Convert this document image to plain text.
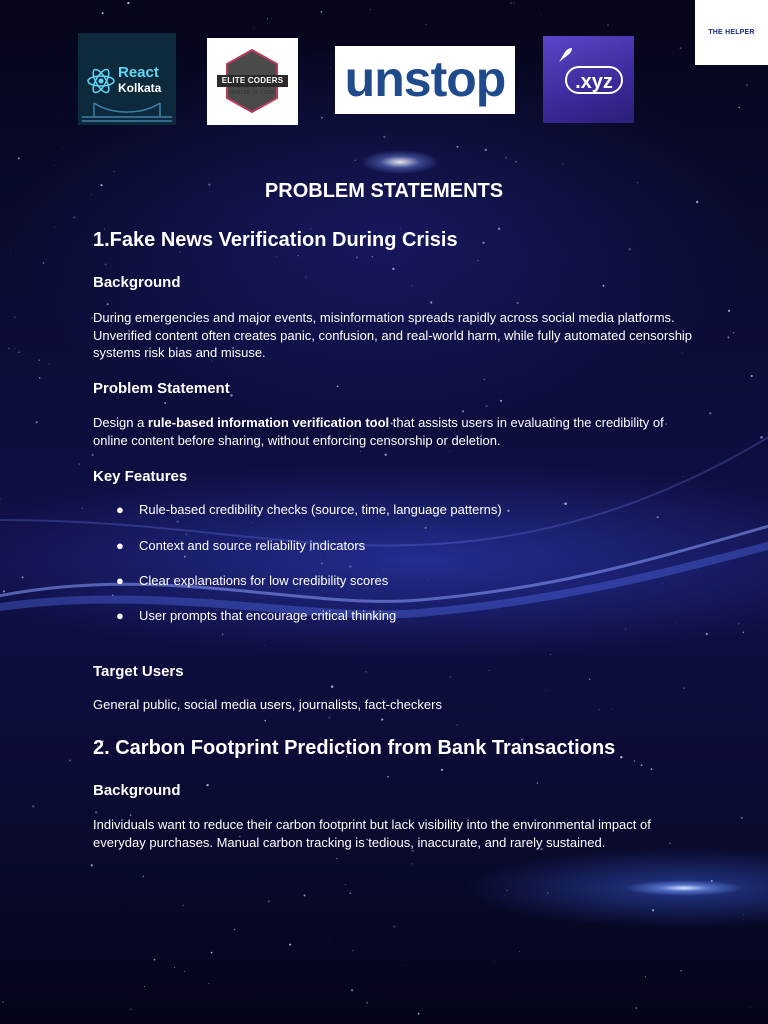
THE HELPER
React
Kolkata
ELITE CODERS
WINTER OF CODE unstop	.xyz
PROBLEM STATEMENTS
1.Fake News Verification During Crisis
Background
During emergencies and major events, misinformation spreads rapidly across social media platforms. Unverified content often creates panic, confusion, and real-world harm, while fully automated censorship systems risk bias and misuse.
Problem Statement
Design a rule-based information verification tool that assists users in evaluating the credibility of online content before sharing, without enforcing censorship or deletion.
Key Features
● Rule-based credibility checks (source, time, language patterns)
● Context and source reliability indicators
● Clear explanations for low credibility scores
● User prompts that encourage critical thinking
Target Users
General public, social media users, journalists, fact-checkers
2. Carbon Footprint Prediction from Bank Transactions
Background
Individuals want to reduce their carbon footprint but lack visibility into the environmental impact of everyday purchases. Manual carbon tracking is tedious, inaccurate, and rarely sustained.
